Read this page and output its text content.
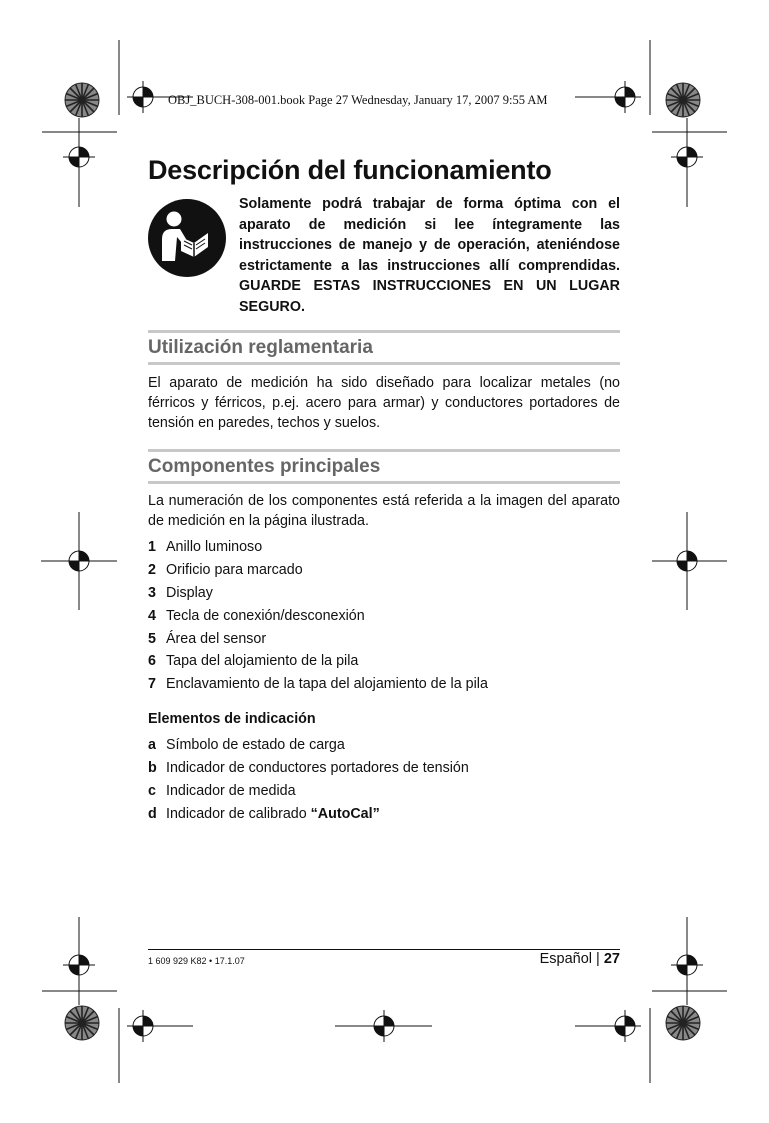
OBJ_BUCH-308-001.book Page 27 Wednesday, January 17, 2007 9:55 AM
Descripción del funcionamiento
Solamente podrá trabajar de forma óptima con el aparato de medición si lee íntegramente las instrucciones de manejo y de operación, ateniéndose estrictamente a las instrucciones allí comprendidas. GUARDE ESTAS INSTRUCCIONES EN UN LUGAR SEGURO.
Utilización reglamentaria
El aparato de medición ha sido diseñado para localizar metales (no férricos y férricos, p.ej. acero para armar) y conductores portadores de tensión en paredes, techos y suelos.
Componentes principales
La numeración de los componentes está referida a la imagen del aparato de medición en la página ilustrada.
1 Anillo luminoso
2 Orificio para marcado
3 Display
4 Tecla de conexión/desconexión
5 Área del sensor
6 Tapa del alojamiento de la pila
7 Enclavamiento de la tapa del alojamiento de la pila
Elementos de indicación
a Símbolo de estado de carga
b Indicador de conductores portadores de tensión
c Indicador de medida
d Indicador de calibrado “AutoCal”
1 609 929 K82 • 17.1.07	Español | 27
